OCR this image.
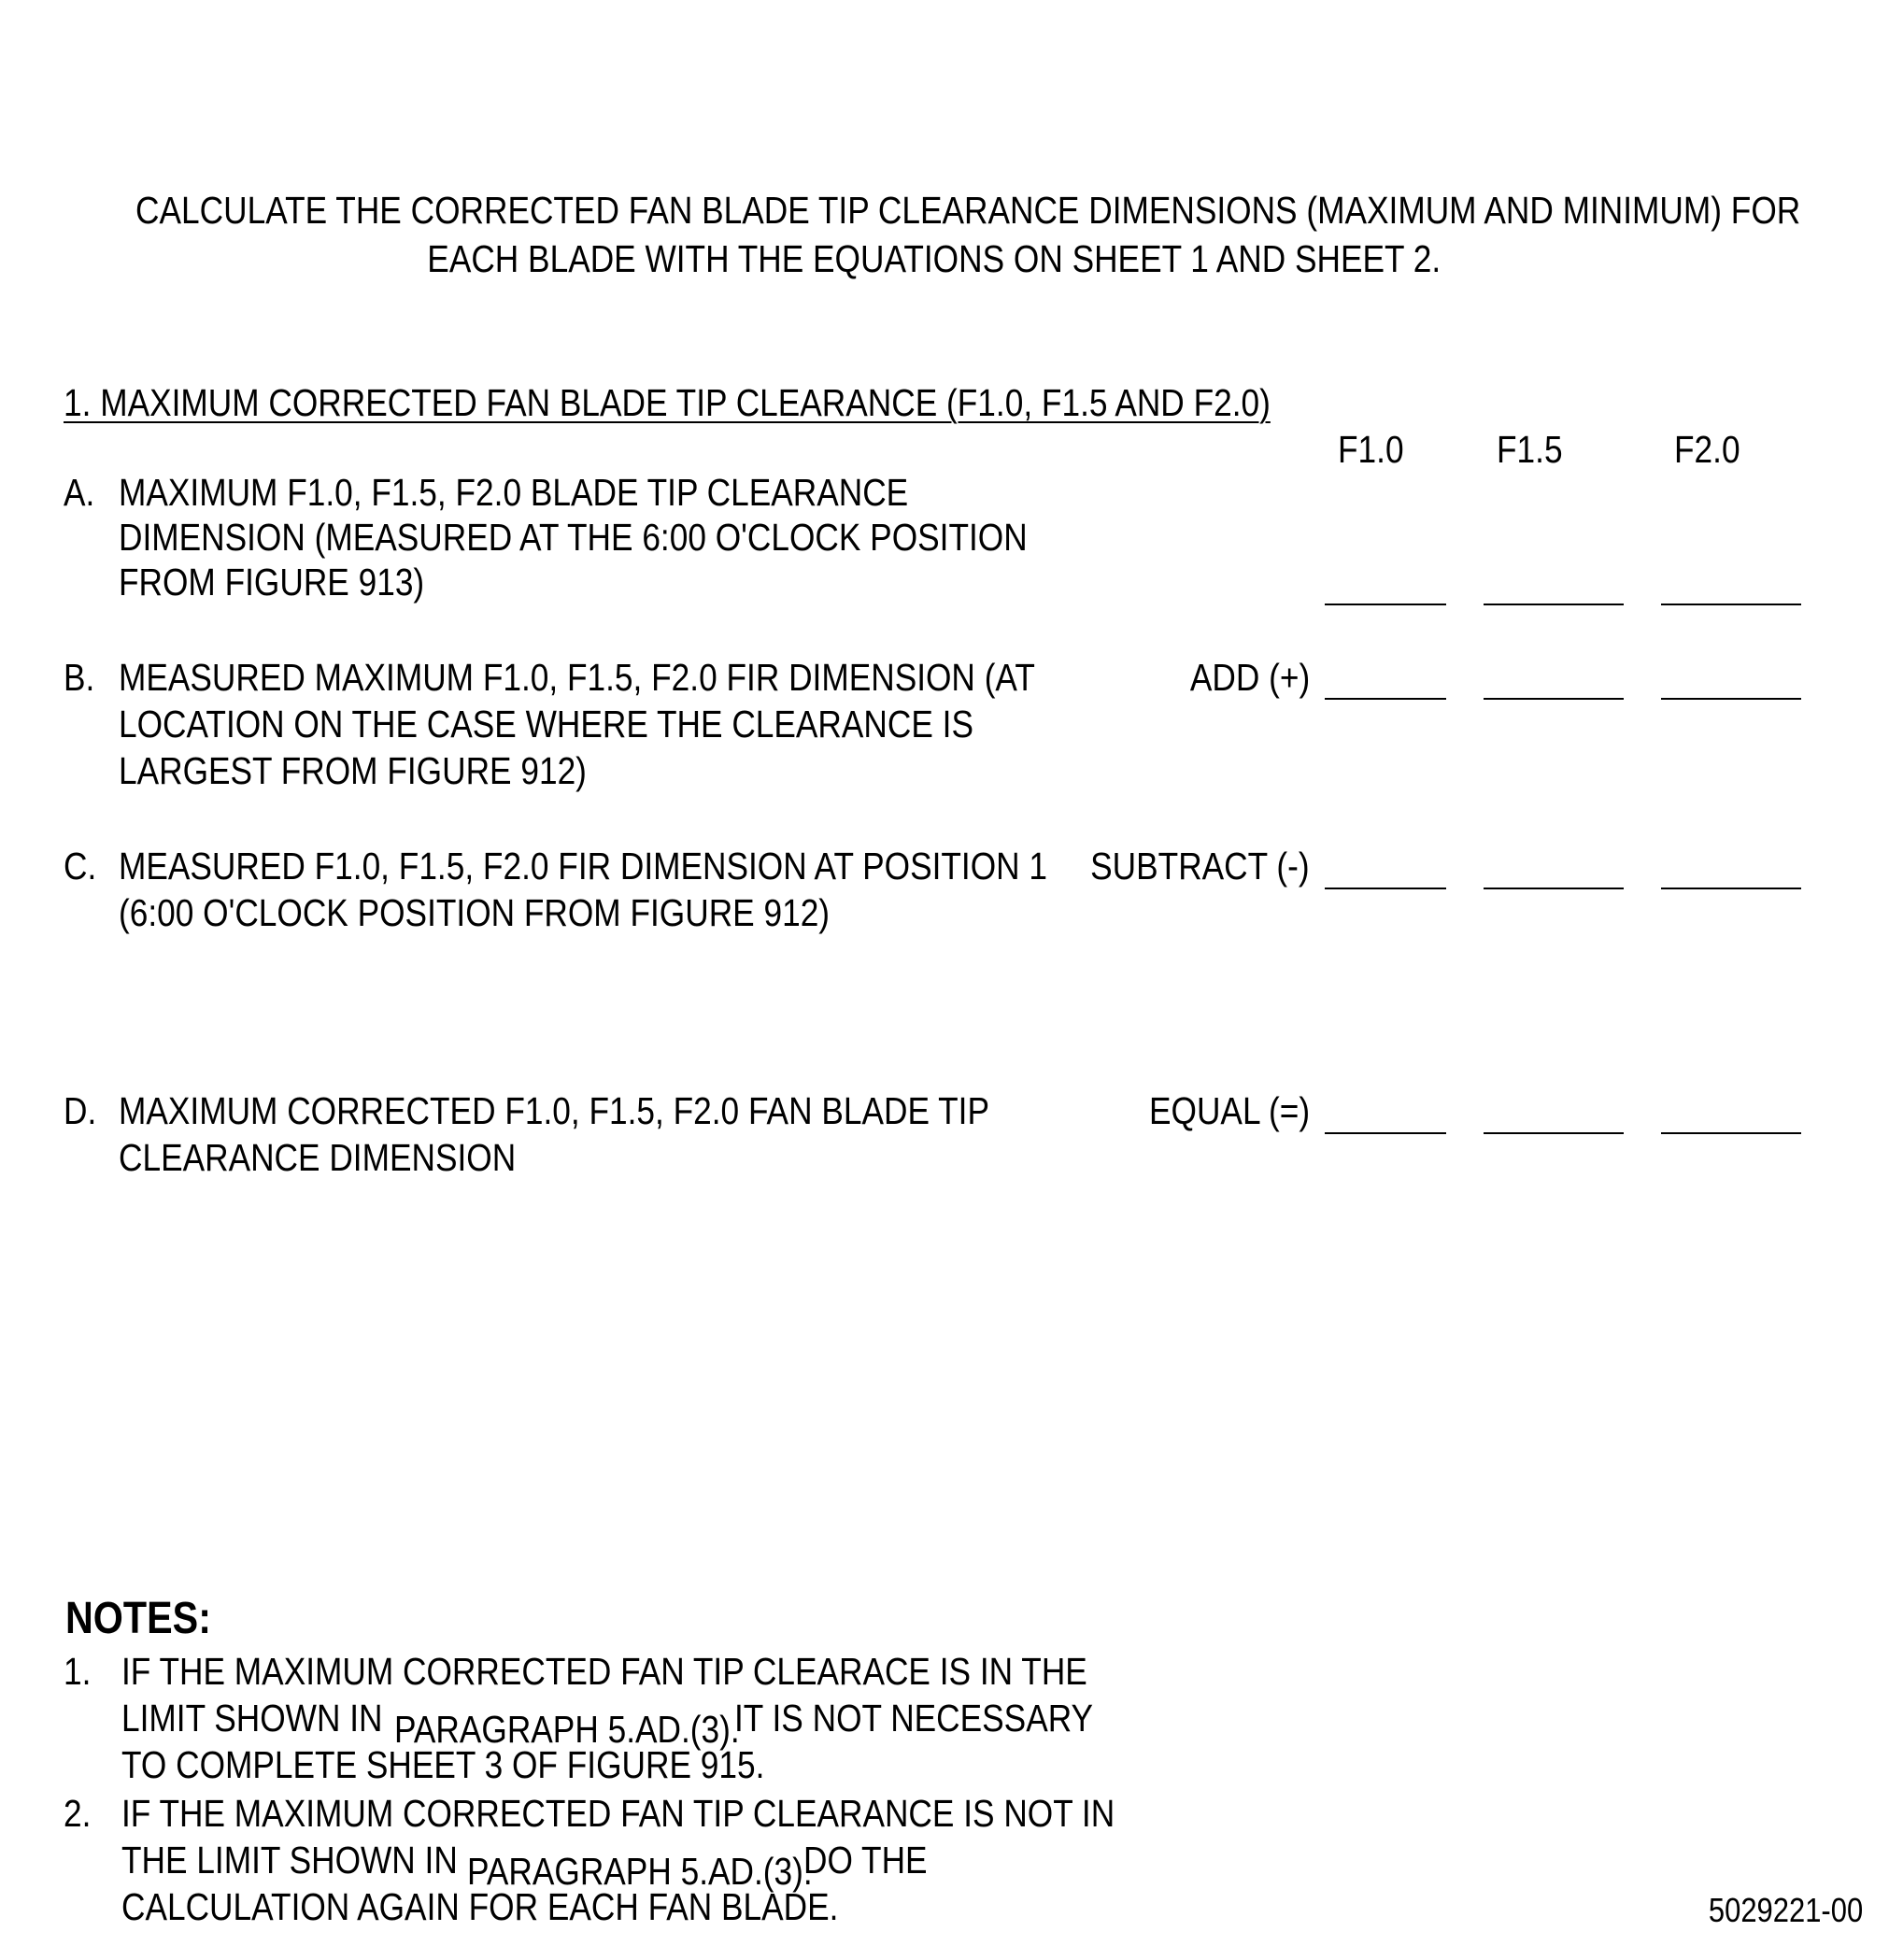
CALCULATE THE CORRECTED FAN BLADE TIP CLEARANCE DIMENSIONS (MAXIMUM AND MINIMUM) FOR
EACH BLADE WITH THE EQUATIONS ON SHEET 1 AND SHEET 2.
1. MAXIMUM CORRECTED FAN BLADE TIP CLEARANCE (F1.0, F1.5 AND F2.0)
F1.0 F1.5	F2.0
A. MAXIMUM F1.0, F1.5, F2.0 BLADE TIP CLEARANCE
DIMENSION (MEASURED AT THE 6:00 O'CLOCK POSITION
FROM FIGURE 913)
B. MEASURED MAXIMUM F1.0, F1.5, F2.0 FIR DIMENSION (AT
LOCATION ON THE CASE WHERE THE CLEARANCE IS
LARGEST FROM FIGURE 912)
ADD (+)
C. MEASURED F1.0, F1.5, F2.0 FIR DIMENSION AT POSITION 1
(6:00 O'CLOCK POSITION FROM FIGURE 912)
SUBTRACT (-)
D. MAXIMUM CORRECTED F1.0, F1.5, F2.0 FAN BLADE TIP
CLEARANCE DIMENSION
EQUAL (=)
NOTES:
1. IF THE MAXIMUM CORRECTED FAN TIP CLEARACE IS IN THE
LIMIT SHOWN IN PARAGRAPH 5.AD.(3).
IT IS NOT NECESSARY
TO COMPLETE SHEET 3 OF FIGURE 915.
2. IF THE MAXIMUM CORRECTED FAN TIP CLEARANCE IS NOT IN
THE LIMIT SHOWN IN PARAGRAPH 5.AD.(3).
DO THE
CALCULATION AGAIN FOR EACH FAN BLADE.	5029221-00
